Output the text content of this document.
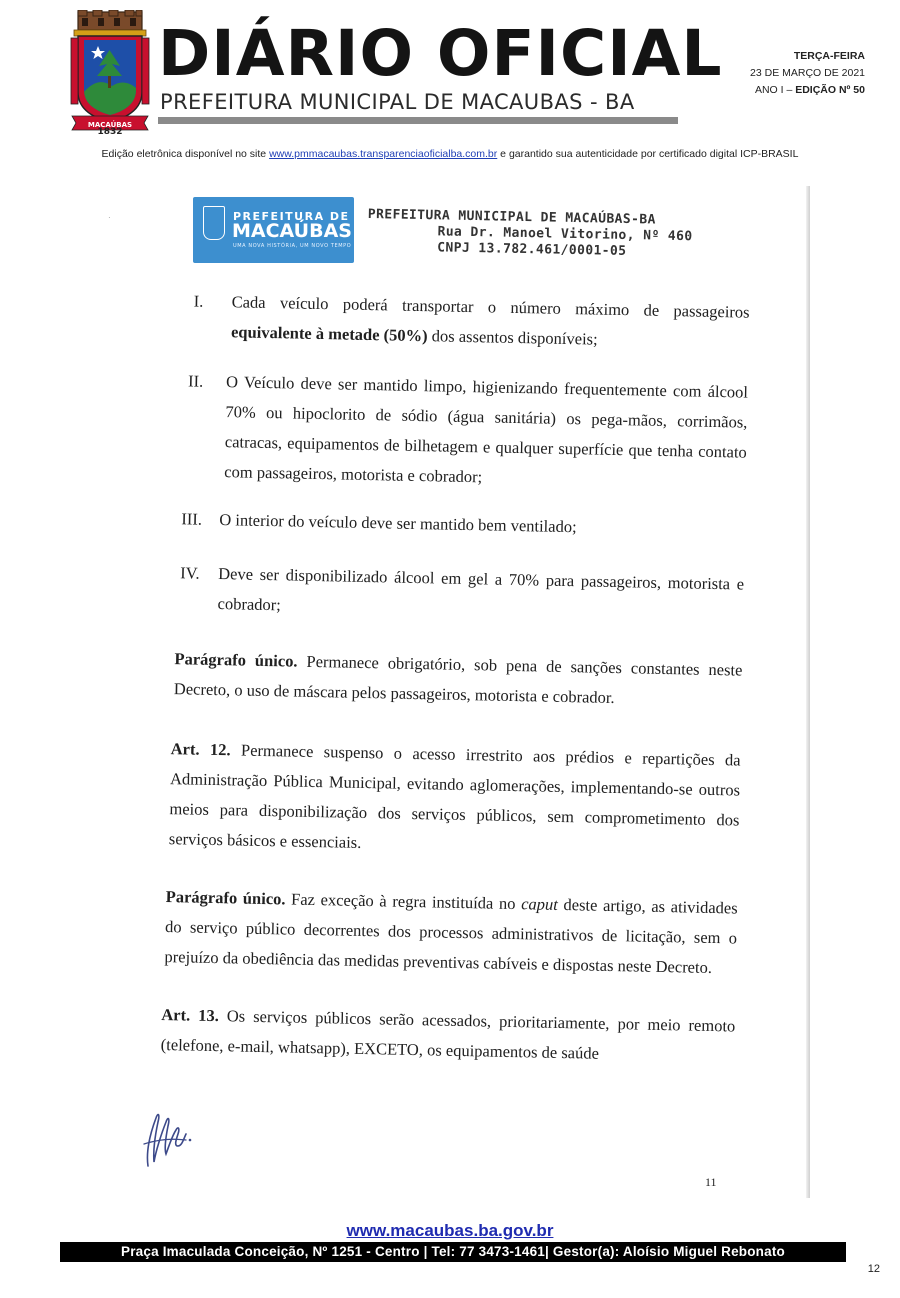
MACAÚBAS
1832
DIÁRIO OFICIAL
PREFEITURA MUNICIPAL DE MACAUBAS - BA
TERÇA-FEIRA
23 DE MARÇO DE 2021
ANO I – EDIÇÃO Nº 50
Edição eletrônica disponível no site www.pmmacaubas.transparenciaoficialba.com.br e garantido sua autenticidade por certificado digital ICP-BRASIL
·	PREFEITURA DE
MACAÚBAS
UMA NOVA HISTÓRIA, UM NOVO TEMPO
PREFEITURA MUNICIPAL DE MACAÚBAS-BA
Rua Dr. Manoel Vitorino, Nº 460
CNPJ 13.782.461/0001-05
I. Cada veículo poderá transportar o número máximo de passageiros equivalente à metade (50%) dos assentos disponíveis;
II. O Veículo deve ser mantido limpo, higienizando frequentemente com álcool 70% ou hipoclorito de sódio (água sanitária) os pega-mãos, corrimãos, catracas, equipamentos de bilhetagem e qualquer superfície que tenha contato com passageiros, motorista e cobrador;
III. O interior do veículo deve ser mantido bem ventilado;
IV. Deve ser disponibilizado álcool em gel a 70% para passageiros, motorista e cobrador;
Parágrafo único. Permanece obrigatório, sob pena de sanções constantes neste Decreto, o uso de máscara pelos passageiros, motorista e cobrador.
Art. 12. Permanece suspenso o acesso irrestrito aos prédios e repartições da Administração Pública Municipal, evitando aglomerações, implementando-se outros meios para disponibilização dos serviços públicos, sem comprometimento dos serviços básicos e essenciais.
Parágrafo único. Faz exceção à regra instituída no caput deste artigo, as atividades do serviço público decorrentes dos processos administrativos de licitação, sem o prejuízo da obediência das medidas preventivas cabíveis e dispostas neste Decreto.
Art. 13. Os serviços públicos serão acessados, prioritariamente, por meio remoto (telefone, e-mail, whatsapp), EXCETO, os equipamentos de saúde
11
www.macaubas.ba.gov.br
Praça Imaculada Conceição, Nº 1251 - Centro | Tel: 77 3473-1461| Gestor(a): Aloísio Miguel Rebonato
12
